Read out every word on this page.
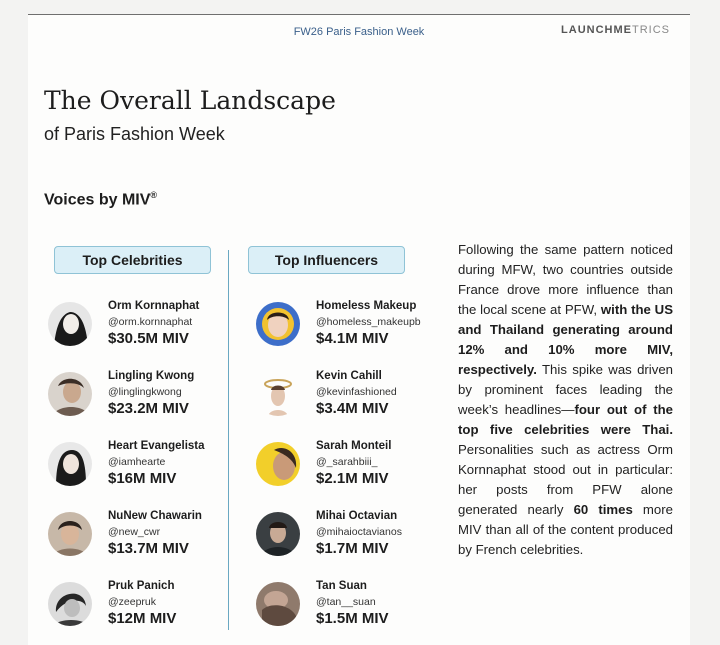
FW26 Paris Fashion Week	LAUNCHMETRICS
The Overall Landscape
of Paris Fashion Week
Voices by MIV®
Top Celebrities	Top Influencers
Orm Kornnaphat
@orm.kornnaphat
$30.5M MIV
Lingling Kwong
@linglingkwong
$23.2M MIV
Heart Evangelista
@iamhearte
$16M MIV
NuNew Chawarin
@new_cwr
$13.7M MIV
Pruk Panich
@zeepruk
$12M MIV
Homeless Makeup
@homeless_makeupb
$4.1M MIV
Kevin Cahill
@kevinfashioned
$3.4M MIV
Sarah Monteil
@_sarahbiii_
$2.1M MIV
Mihai Octavian
@mihaioctavianos
$1.7M MIV
Tan Suan
@tan__suan
$1.5M MIV
Following the same pattern noticed during MFW, two countries outside France drove more influence than the local scene at PFW, with the US and Thailand generating around 12% and 10% more MIV, respectively. This spike was driven by prominent faces leading the week’s headlines—four out of the top five celebrities were Thai. Personalities such as actress Orm Kornnaphat stood out in particular: her posts from PFW alone generated nearly 60 times more MIV than all of the content produced by French celebrities.
